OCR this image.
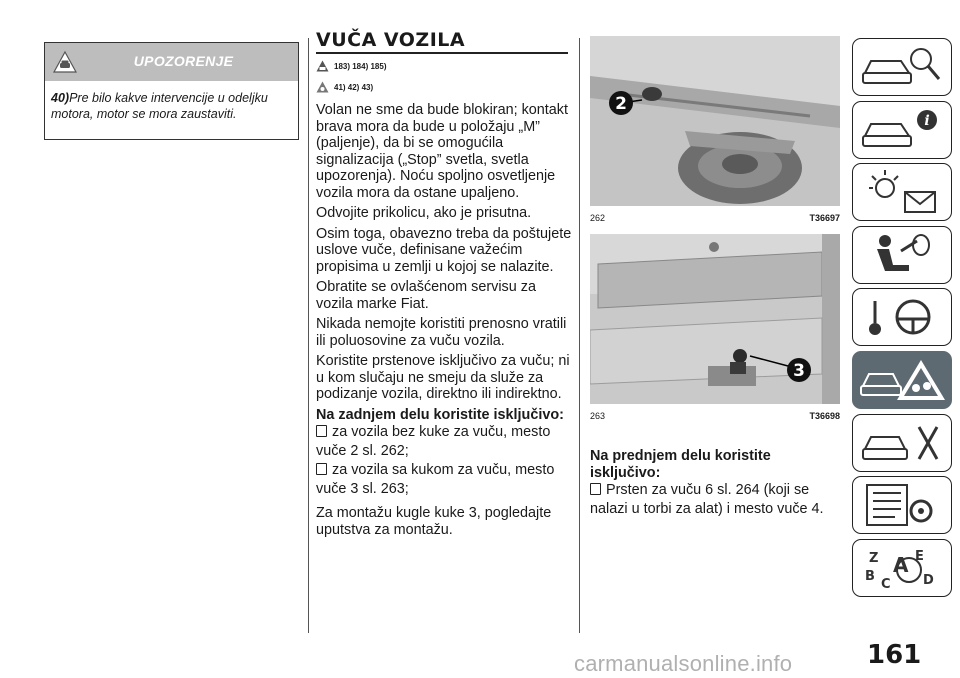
UPOZORENJE
40)Pre bilo kakve intervencije u odeljku motora, motor se mora zaustaviti.
VUČA VOZILA
183) 184) 185)
41) 42) 43)

Volan ne sme da bude blokiran; kontakt brava mora da bude u položaju „M” (paljenje), da bi se omogućila signalizacija („Stop” svetla, svetla upozorenja). Noću spoljno osvetljenje vozila mora da ostane upaljeno.

Odvojite prikolicu, ako je prisutna.

Osim toga, obavezno treba da poštujete uslove vuče, definisane važećim propisima u zemlji u kojoj se nalazite.

Obratite se ovlašćenom servisu za vozila marke Fiat.

Nikada nemojte koristiti prenosno vratili ili poluosovine za vuču vozila.

Koristite prstenove isključivo za vuču; ni u kom slučaju ne smeju da služe za podizanje vozila, direktno ili indirektno.

Na zadnjem delu koristite isključivo:
za vozila bez kuke za vuču, mesto vuče 2 sl. 262;
za vozila sa kukom za vuču, mesto vuče 3 sl. 263;

Za montažu kugle kuke 3, pogledajte uputstva za montažu.

2
262	T36697
3
263	T36698
Na prednjem delu koristite isključivo:
Prsten za vuču 6 sl. 264 (koji se nalazi u torbi za alat) i mesto vuče 4.
i
Z	E
B
C
A
D
161
carmanualsonline.info
